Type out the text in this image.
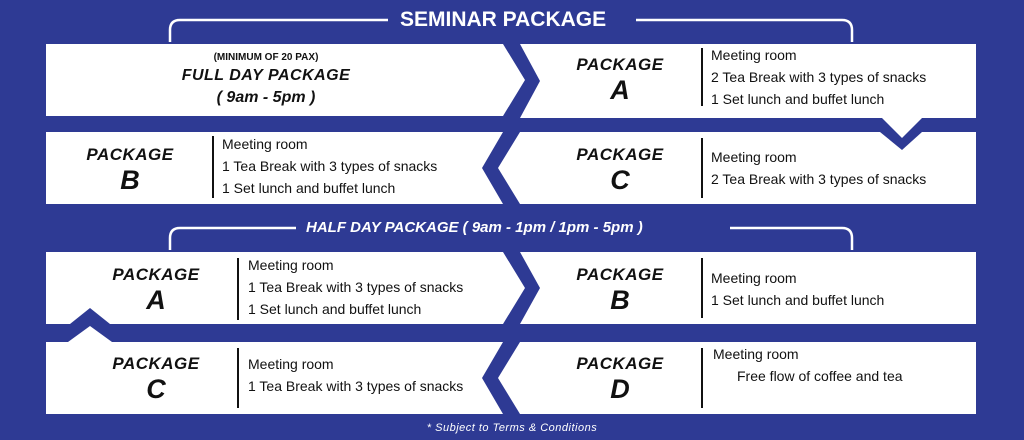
SEMINAR PACKAGE
(MINIMUM OF 20 PAX)
FULL DAY PACKAGE
( 9am - 5pm )
PACKAGE
A
Meeting room
2 Tea Break with 3 types of snacks
1 Set lunch and buffet lunch
PACKAGE
B
Meeting room
1 Tea Break with 3 types of snacks
1 Set lunch and buffet lunch
PACKAGE
C
Meeting room
2 Tea Break with 3 types of snacks
HALF DAY PACKAGE ( 9am - 1pm / 1pm - 5pm )
PACKAGE
A
Meeting room
1 Tea Break with 3 types of snacks
1 Set lunch and buffet lunch
PACKAGE
B
Meeting room
1 Set lunch and buffet lunch
PACKAGE
C
Meeting room
1 Tea Break with 3 types of snacks
PACKAGE
D
Meeting room
Free flow of coffee and tea
* Subject to Terms & Conditions
